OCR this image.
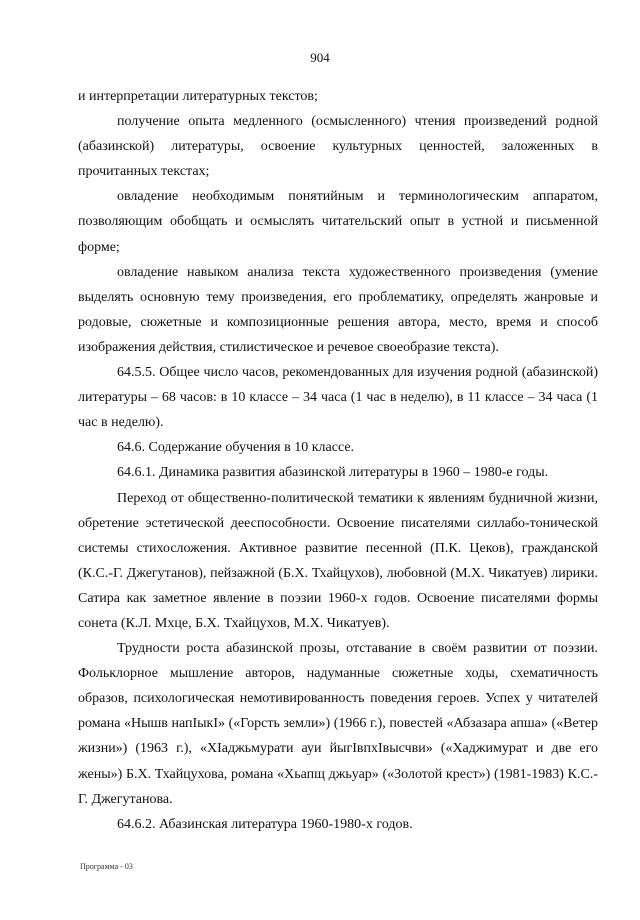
904

и интерпретации литературных текстов;

получение опыта медленного (осмысленного) чтения произведений родной (абазинской) литературы, освоение культурных ценностей, заложенных в прочитанных текстах;

овладение необходимым понятийным и терминологическим аппаратом, позволяющим обобщать и осмыслять читательский опыт в устной и письменной форме;

овладение навыком анализа текста художественного произведения (умение выделять основную тему произведения, его проблематику, определять жанровые и родовые, сюжетные и композиционные решения автора, место, время и способ изображения действия, стилистическое и речевое своеобразие текста).

64.5.5. Общее число часов, рекомендованных для изучения родной (абазинской) литературы – 68 часов: в 10 классе – 34 часа (1 час в неделю), в 11 классе – 34 часа (1 час в неделю).

64.6. Содержание обучения в 10 классе.

64.6.1. Динамика развития абазинской литературы в 1960 – 1980-е годы.

Переход от общественно-политической тематики к явлениям будничной жизни, обретение эстетической дееспособности. Освоение писателями силлабо-тонической системы стихосложения. Активное развитие песенной (П.К. Цеков), гражданской (К.С.-Г. Джегутанов), пейзажной (Б.Х. Тхайцухов), любовной (М.Х. Чикатуев) лирики. Сатира как заметное явление в поэзии 1960-х годов. Освоение писателями формы сонета (К.Л. Мхце, Б.Х. Тхайцухов, М.Х. Чикатуев).

Трудности роста абазинской прозы, отставание в своём развитии от поэзии. Фольклорное мышление авторов, надуманные сюжетные ходы, схематичность образов, психологическая немотивированность поведения героев. Успех у читателей романа «Нышв напIыкI» («Горсть земли») (1966 г.), повестей «Абзазара апша» («Ветер жизни») (1963 г.), «ХIаджьмурати ауи йыгIвпхIвысчви» («Хаджимурат и две его жены») Б.Х. Тхайцухова, романа «Хьапщ джьуар» («Золотой крест») (1981-1983) К.С.-Г. Джегутанова.

64.6.2. Абазинская литература 1960-1980-х годов.

Программа - 03
